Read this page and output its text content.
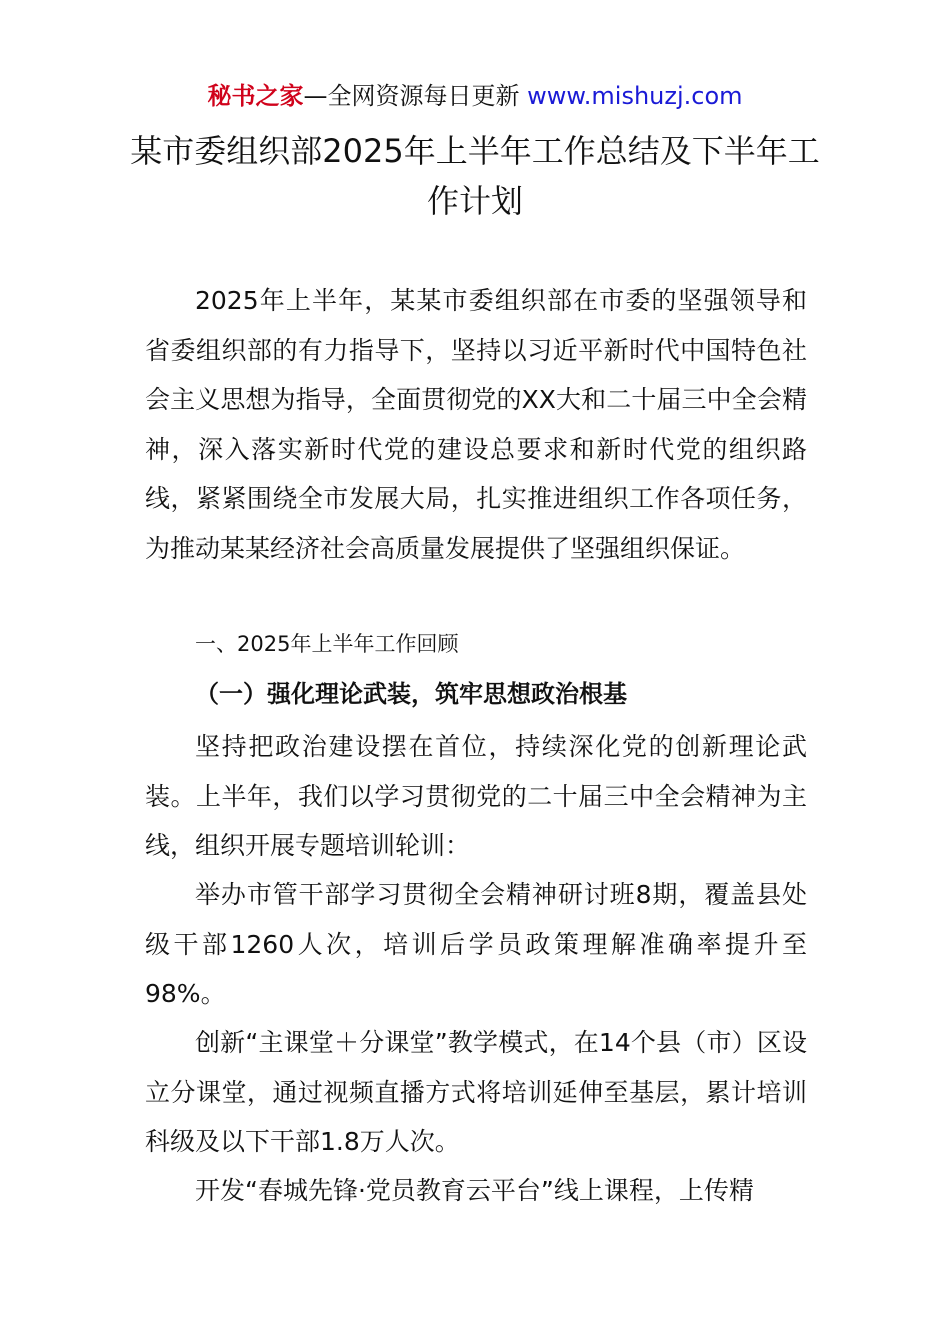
秘书之家—全网资源每日更新 www.mishuzj.com
某市委组织部2025年上半年工作总结及下半年工作计划

2025年上半年，某某市委组织部在市委的坚强领导和省委组织部的有力指导下，坚持以习近平新时代中国特色社会主义思想为指导，全面贯彻党的XX大和二十届三中全会精神，深入落实新时代党的建设总要求和新时代党的组织路线，紧紧围绕全市发展大局，扎实推进组织工作各项任务，为推动某某经济社会高质量发展提供了坚强组织保证。

一、2025年上半年工作回顾

（一）强化理论武装，筑牢思想政治根基

坚持把政治建设摆在首位，持续深化党的创新理论武装。上半年，我们以学习贯彻党的二十届三中全会精神为主线，组织开展专题培训轮训：

举办市管干部学习贯彻全会精神研讨班8期，覆盖县处级干部1260人次，培训后学员政策理解准确率提升至98%。

创新“主课堂＋分课堂”教学模式，在14个县（市）区设立分课堂，通过视频直播方式将培训延伸至基层，累计培训科级及以下干部1.8万人次。

开发“春城先锋·党员教育云平台”线上课程，上传精
